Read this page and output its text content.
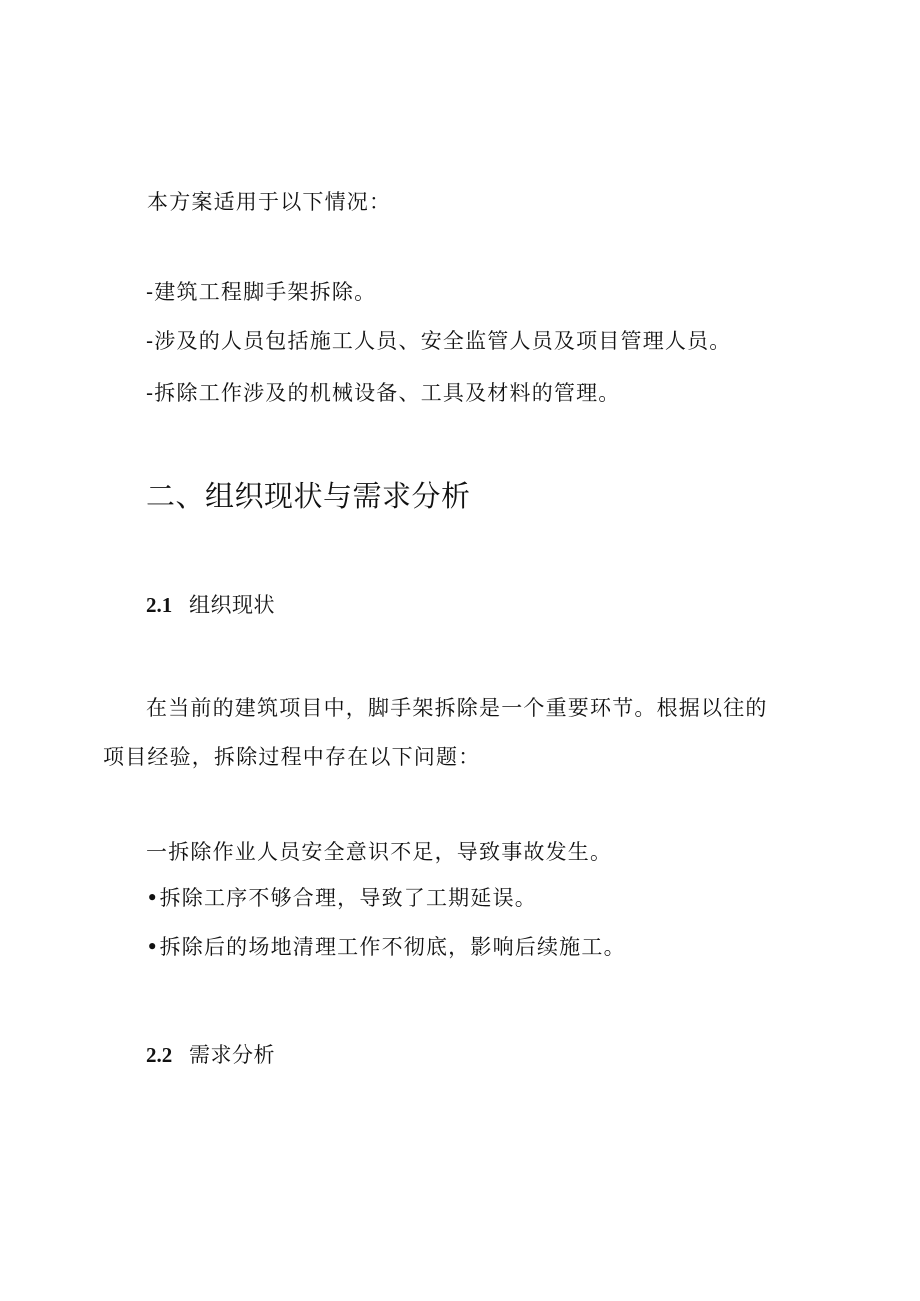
本方案适用于以下情况：

-建筑工程脚手架拆除。

-涉及的人员包括施工人员、安全监管人员及项目管理人员。

-拆除工作涉及的机械设备、工具及材料的管理。

二、组织现状与需求分析
2.1 组织现状

在当前的建筑项目中，脚手架拆除是一个重要环节。根据以往的

项目经验，拆除过程中存在以下问题：

一拆除作业人员安全意识不足，导致事故发生。

•拆除工序不够合理，导致了工期延误。

•拆除后的场地清理工作不彻底，影响后续施工。

2.2 需求分析
